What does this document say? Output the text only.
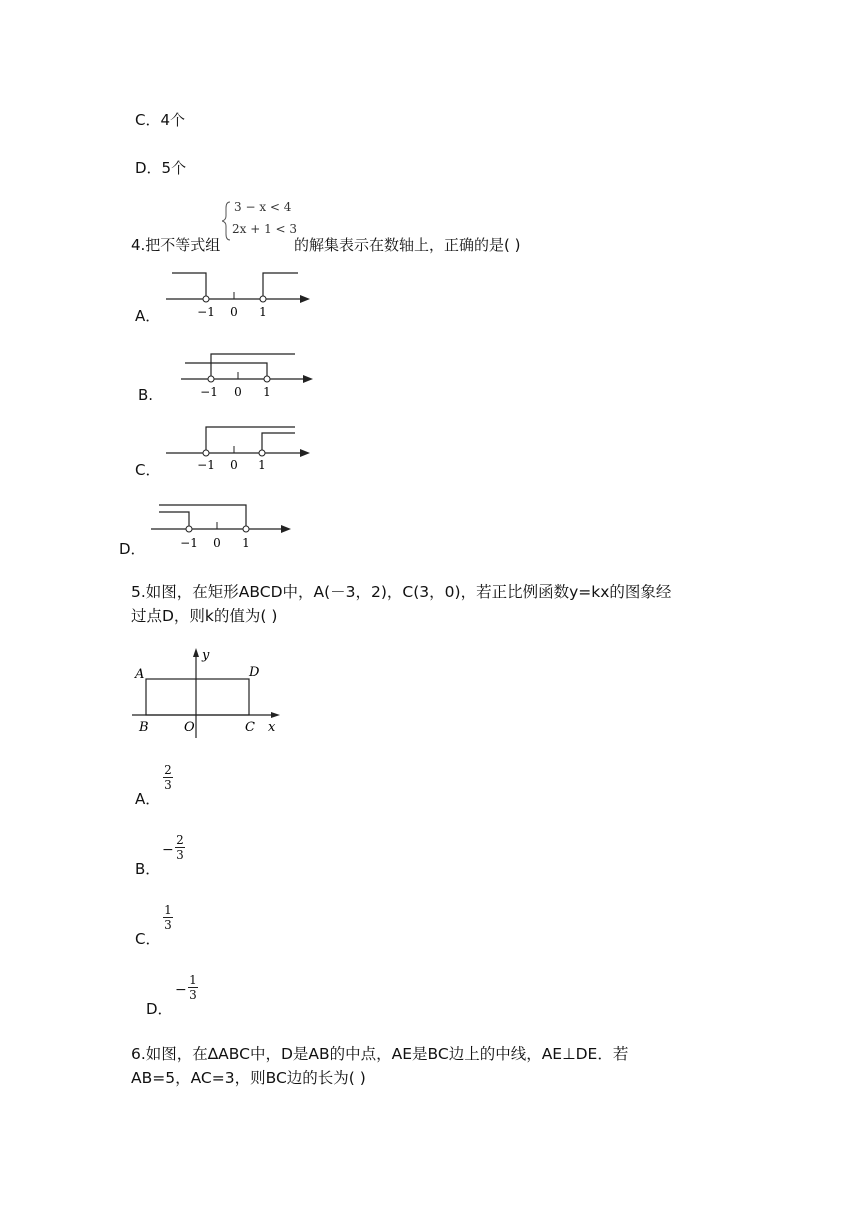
C．4个
D．5个
4.把不等式组
3 − x < 4
2x + 1 < 3
的解集表示在数轴上，正确的是( )
A．	−1 0 1
B.	−1 0 1
C．	−1 0 1
D．	−1 0 1
5.如图，在矩形ABCD中，A(－3，2)，C(3，0)，若正比例函数y=kx的图象经
过点D，则k的值为( )
A	D
B	O	C x
y
A．
2
3
B．
−
2
3
C．
1
3
D．
−
1
3
6.如图，在∆ABC中，D是AB的中点，AE是BC边上的中线，AE⊥DE．若
AB=5，AC=3，则BC边的长为( )
